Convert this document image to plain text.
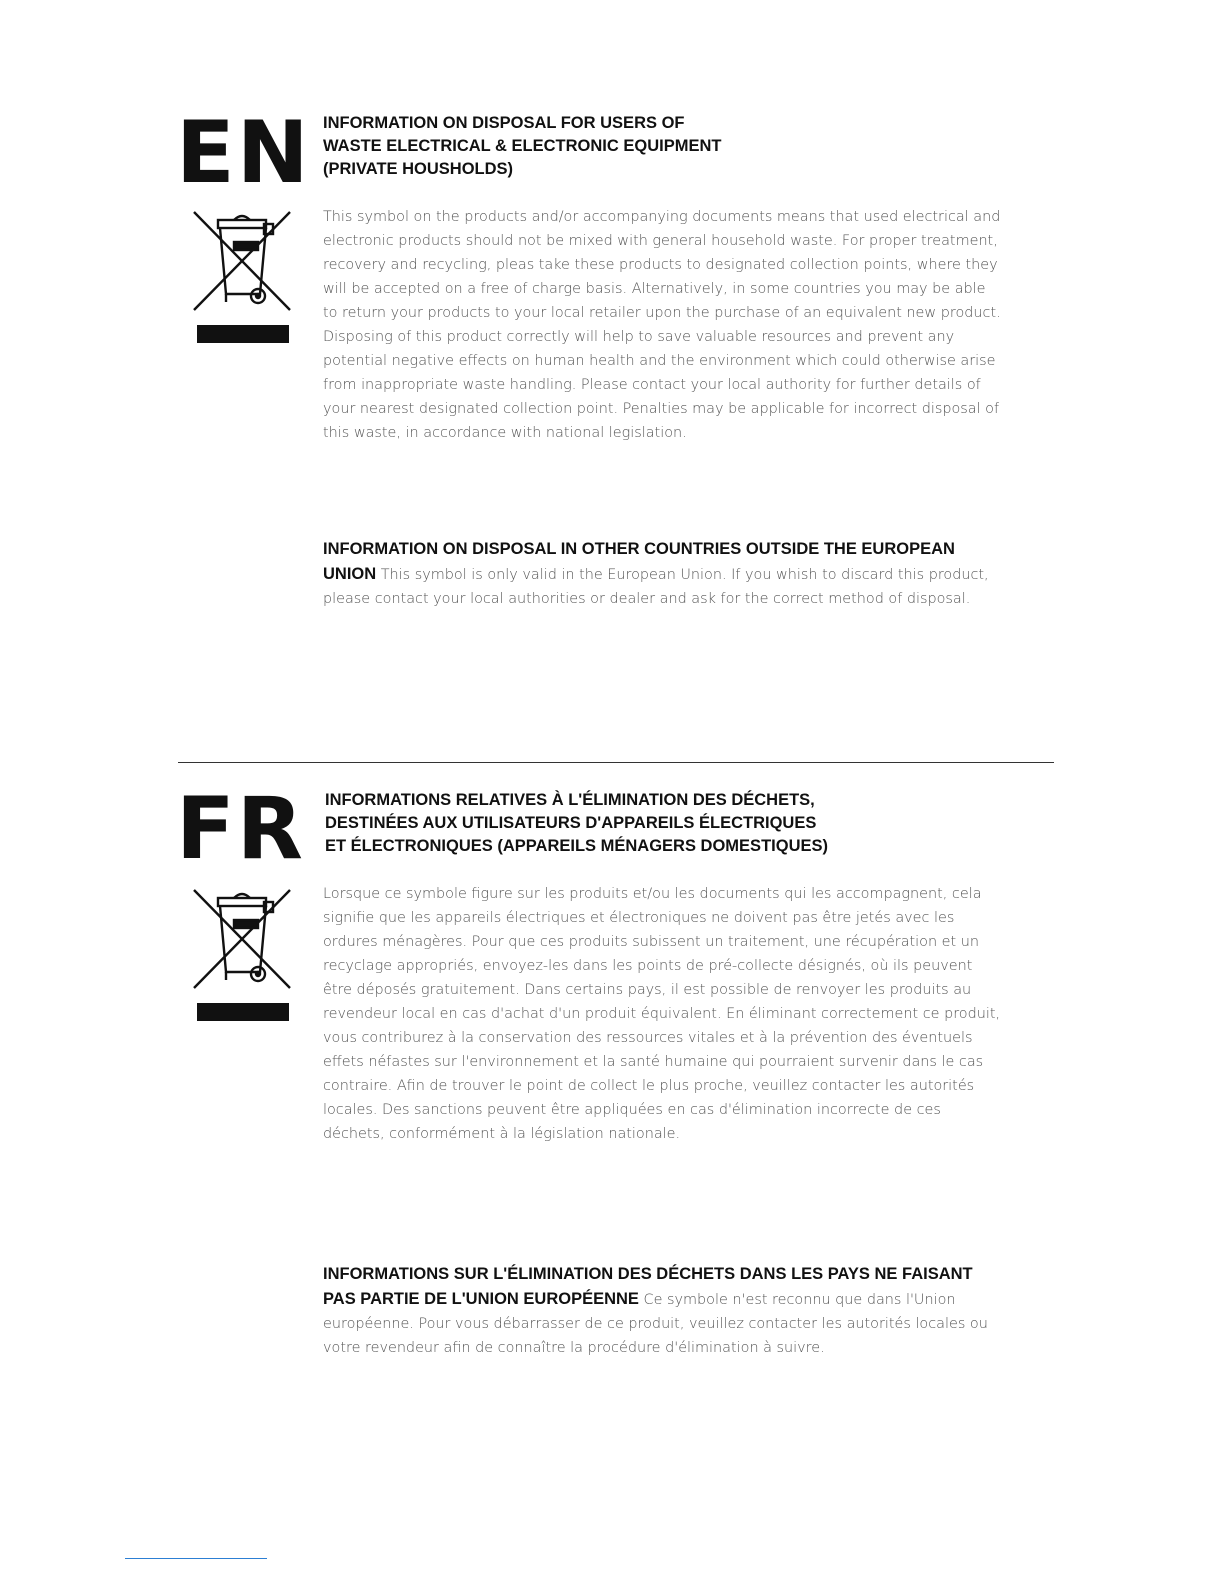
EN INFORMATION ON DISPOSAL FOR USERS OF
WASTE ELECTRICAL & ELECTRONIC EQUIPMENT
(PRIVATE HOUSHOLDS)
This symbol on the products and/or accompanying documents means that used electrical and electronic products should not be mixed with general household waste. For proper treatment, recovery and recycling, pleas take these products to designated collection points, where they will be accepted on a free of charge basis. Alternatively, in some countries you may be able to return your products to your local retailer upon the purchase of an equivalent new product. Disposing of this product correctly will help to save valuable resources and prevent any potential negative effects on human health and the environment which could otherwise arise from inappropriate waste handling. Please contact your local authority for further details of your nearest designated collection point. Penalties may be applicable for incorrect disposal of this waste, in accordance with national legislation.
INFORMATION ON DISPOSAL IN OTHER COUNTRIES OUTSIDE THE EUROPEAN UNION This symbol is only valid in the European Union. If you whish to discard this product, please contact your local authorities or dealer and ask for the correct method of disposal.
FR INFORMATIONS RELATIVES À L'ÉLIMINATION DES DÉCHETS,
DESTINÉES AUX UTILISATEURS D'APPAREILS ÉLECTRIQUES
ET ÉLECTRONIQUES (APPAREILS MÉNAGERS DOMESTIQUES)
Lorsque ce symbole figure sur les produits et/ou les documents qui les accompagnent, cela signifie que les appareils électriques et électroniques ne doivent pas être jetés avec les ordures ménagères. Pour que ces produits subissent un traitement, une récupération et un recyclage appropriés, envoyez-les dans les points de pré-collecte désignés, où ils peuvent être déposés gratuitement. Dans certains pays, il est possible de renvoyer les produits au revendeur local en cas d'achat d'un produit équivalent. En éliminant correctement ce produit, vous contriburez à la conservation des ressources vitales et à la prévention des éventuels effets néfastes sur l'environnement et la santé humaine qui pourraient survenir dans le cas contraire. Afin de trouver le point de collect le plus proche, veuillez contacter les autorités locales. Des sanctions peuvent être appliquées en cas d'élimination incorrecte de ces déchets, conformément à la législation nationale.
INFORMATIONS SUR L'ÉLIMINATION DES DÉCHETS DANS LES PAYS NE FAISANT PAS PARTIE DE L'UNION EUROPÉENNE Ce symbole n'est reconnu que dans l'Union européenne. Pour vous débarrasser de ce produit, veuillez contacter les autorités locales ou votre revendeur afin de connaître la procédure d'élimination à suivre.
